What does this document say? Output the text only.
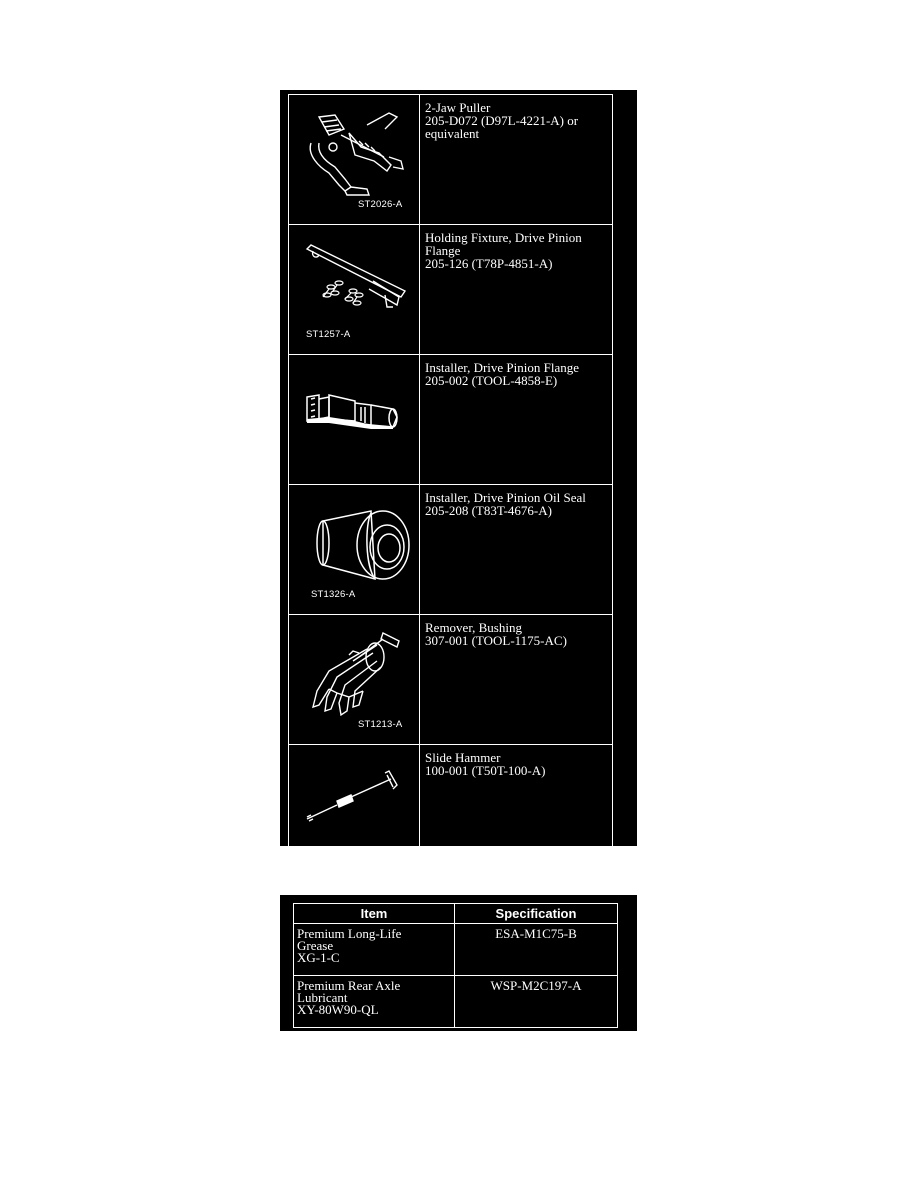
ST2026-A	2-Jaw Puller
205-D072 (D97L-4221-A) or
equivalent

ST1257-A	Holding Fixture, Drive Pinion
Flange
205-126 (T78P-4851-A)

Installer, Drive Pinion Flange
205-002 (TOOL-4858-E)

ST1326-A	Installer, Drive Pinion Oil Seal
205-208 (T83T-4676-A)

ST1213-A	Remover, Bushing
307-001 (TOOL-1175-AC)

ST1351-A	Slide Hammer
100-001 (T50T-100-A)
Item	Specification

Premium Long-Life
Grease
XG-1-C	ESA-M1C75-B

Premium Rear Axle
Lubricant
XY-80W90-QL	WSP-M2C197-A
